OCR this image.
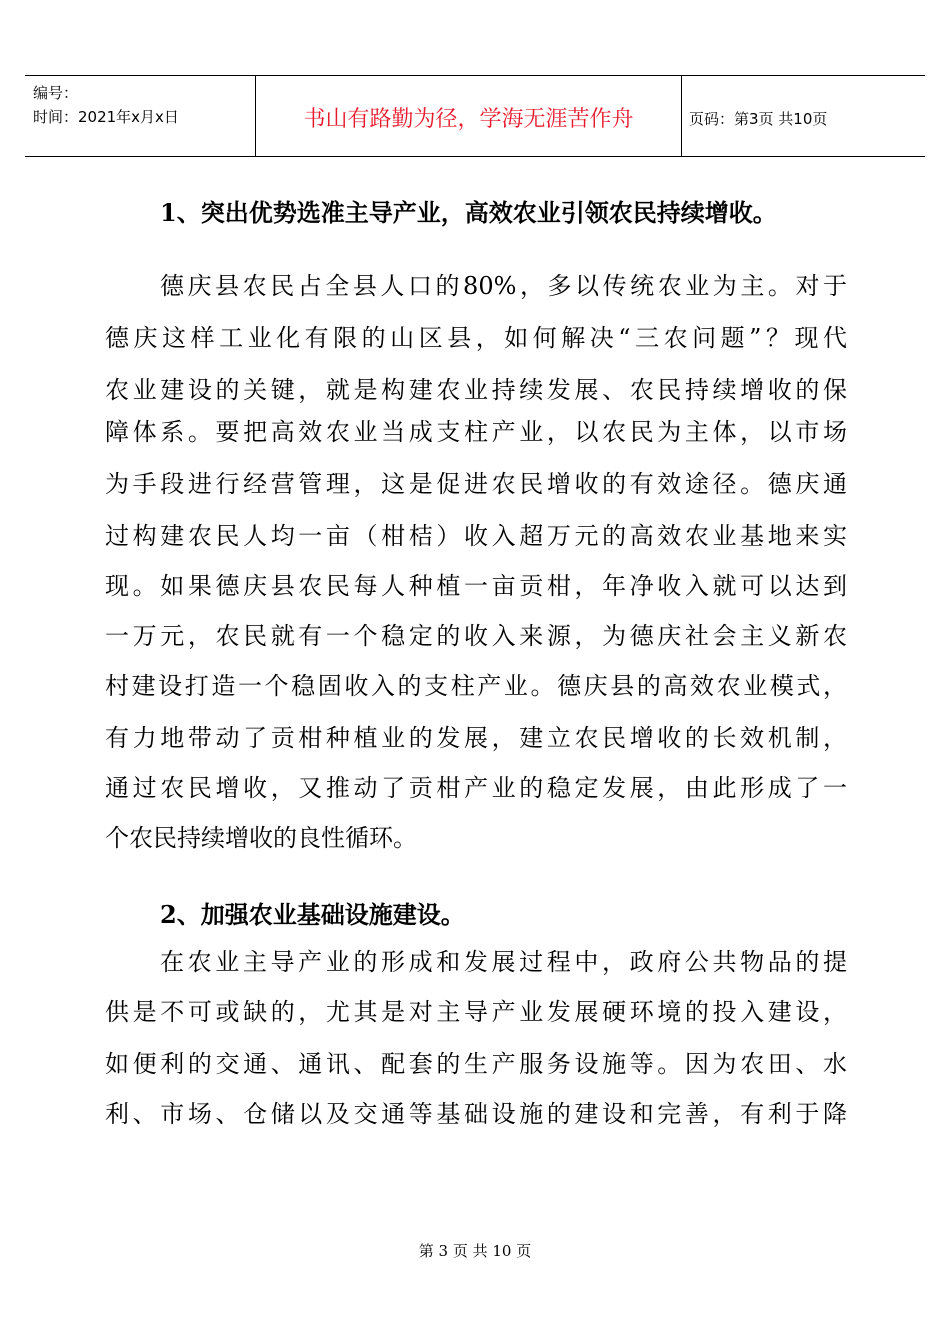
编号：
时间：2021年x月x日	书山有路勤为径，学海无涯苦作舟	页码：第3页 共10页
1、突出优势选准主导产业，高效农业引领农民持续增收。
德庆县农民占全县人口的80%，多以传统农业为主。对于
德庆这样工业化有限的山区县，如何解决“三农问题”？现代
农业建设的关键，就是构建农业持续发展、农民持续增收的保
障体系。要把高效农业当成支柱产业，以农民为主体，以市场
为手段进行经营管理，这是促进农民增收的有效途径。德庆通
过构建农民人均一亩（柑桔）收入超万元的高效农业基地来实
现。如果德庆县农民每人种植一亩贡柑，年净收入就可以达到
一万元，农民就有一个稳定的收入来源，为德庆社会主义新农
村建设打造一个稳固收入的支柱产业。德庆县的高效农业模式，
有力地带动了贡柑种植业的发展，建立农民增收的长效机制，
通过农民增收，又推动了贡柑产业的稳定发展，由此形成了一
个农民持续增收的良性循环。
2、加强农业基础设施建设。
在农业主导产业的形成和发展过程中，政府公共物品的提
供是不可或缺的，尤其是对主导产业发展硬环境的投入建设，
如便利的交通、通讯、配套的生产服务设施等。因为农田、水
利、市场、仓储以及交通等基础设施的建设和完善，有利于降
第 3 页 共 10 页
